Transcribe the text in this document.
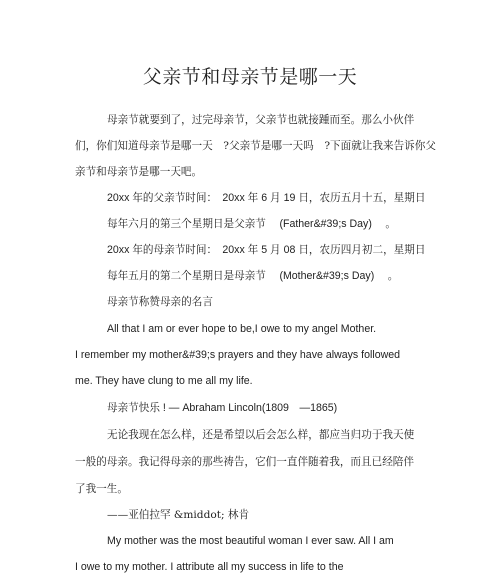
父亲节和母亲节是哪一天
母亲节就要到了，过完母亲节，父亲节也就接踵而至。那么小伙伴
们，你们知道母亲节是哪一天　?父亲节是哪一天吗　?下面就让我来告诉你父
亲节和母亲节是哪一天吧。
20xx 年的父亲节时间：　20xx 年 6 月 19 日，农历五月十五，星期日
每年六月的第三个星期日是父亲节　 (Father&#39;s Day)　 。
20xx 年的母亲节时间：　20xx 年 5 月 08 日，农历四月初二，星期日
每年五月的第二个星期日是母亲节　 (Mother&#39;s Day)　 。
母亲节称赞母亲的名言
All that I am or ever hope to be,I owe to my angel Mother.
I remember my mother&#39;s prayers and they have always followed
me. They have clung to me all my life.
母亲节快乐 ! — Abraham Lincoln(1809　—1865)
无论我现在怎么样，还是希望以后会怎么样，都应当归功于我天使
一般的母亲。我记得母亲的那些祷告，它们一直伴随着我，而且已经陪伴
了我一生。
——亚伯拉罕 &middot; 林肯
My mother was the most beautiful woman I ever saw. All I am
I owe to my mother. I attribute all my success in life to the
